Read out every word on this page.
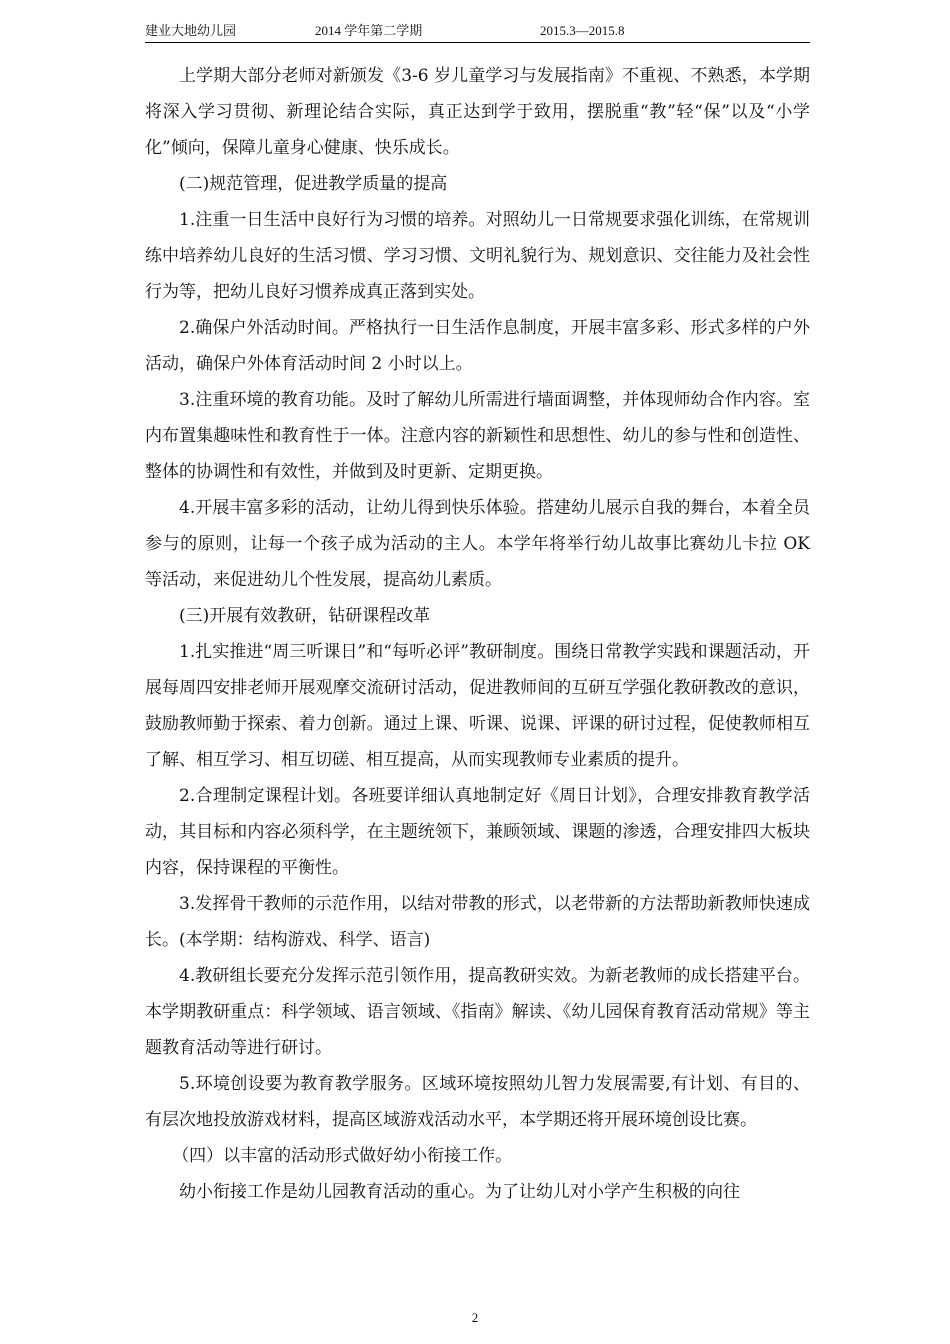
建业大地幼儿园	2014 学年第二学期	2015.3—2015.8

上学期大部分老师对新颁发《3-6 岁儿童学习与发展指南》不重视、不熟悉，本学期将深入学习贯彻、新理论结合实际，真正达到学于致用，摆脱重“教”轻“保”以及“小学化”倾向，保障儿童身心健康、快乐成长。

(二)规范管理，促进教学质量的提高

1.注重一日生活中良好行为习惯的培养。对照幼儿一日常规要求强化训练，在常规训练中培养幼儿良好的生活习惯、学习习惯、文明礼貌行为、规划意识、交往能力及社会性行为等，把幼儿良好习惯养成真正落到实处。

2.确保户外活动时间。严格执行一日生活作息制度，开展丰富多彩、形式多样的户外活动，确保户外体育活动时间 2 小时以上。

3.注重环境的教育功能。及时了解幼儿所需进行墙面调整，并体现师幼合作内容。室内布置集趣味性和教育性于一体。注意内容的新颖性和思想性、幼儿的参与性和创造性、整体的协调性和有效性，并做到及时更新、定期更换。

4.开展丰富多彩的活动，让幼儿得到快乐体验。搭建幼儿展示自我的舞台，本着全员参与的原则，让每一个孩子成为活动的主人。本学年将举行幼儿故事比赛幼儿卡拉 OK 等活动，来促进幼儿个性发展，提高幼儿素质。

(三)开展有效教研，钻研课程改革

1.扎实推进“周三听课日”和“每听必评”教研制度。围绕日常教学实践和课题活动，开展每周四安排老师开展观摩交流研讨活动，促进教师间的互研互学强化教研教改的意识，鼓励教师勤于探索、着力创新。通过上课、听课、说课、评课的研讨过程，促使教师相互了解、相互学习、相互切磋、相互提高，从而实现教师专业素质的提升。

2.合理制定课程计划。各班要详细认真地制定好《周日计划》，合理安排教育教学活动，其目标和内容必须科学，在主题统领下，兼顾领域、课题的渗透，合理安排四大板块内容，保持课程的平衡性。

3.发挥骨干教师的示范作用，以结对带教的形式，以老带新的方法帮助新教师快速成长。(本学期：结构游戏、科学、语言)

4.教研组长要充分发挥示范引领作用，提高教研实效。为新老教师的成长搭建平台。本学期教研重点：科学领域、语言领域、《指南》解读、《幼儿园保育教育活动常规》等主题教育活动等进行研讨。

5.环境创设要为教育教学服务。区域环境按照幼儿智力发展需要,有计划、有目的、有层次地投放游戏材料，提高区域游戏活动水平，本学期还将开展环境创设比赛。

（四）以丰富的活动形式做好幼小衔接工作。

幼小衔接工作是幼儿园教育活动的重心。为了让幼儿对小学产生积极的向往

2
